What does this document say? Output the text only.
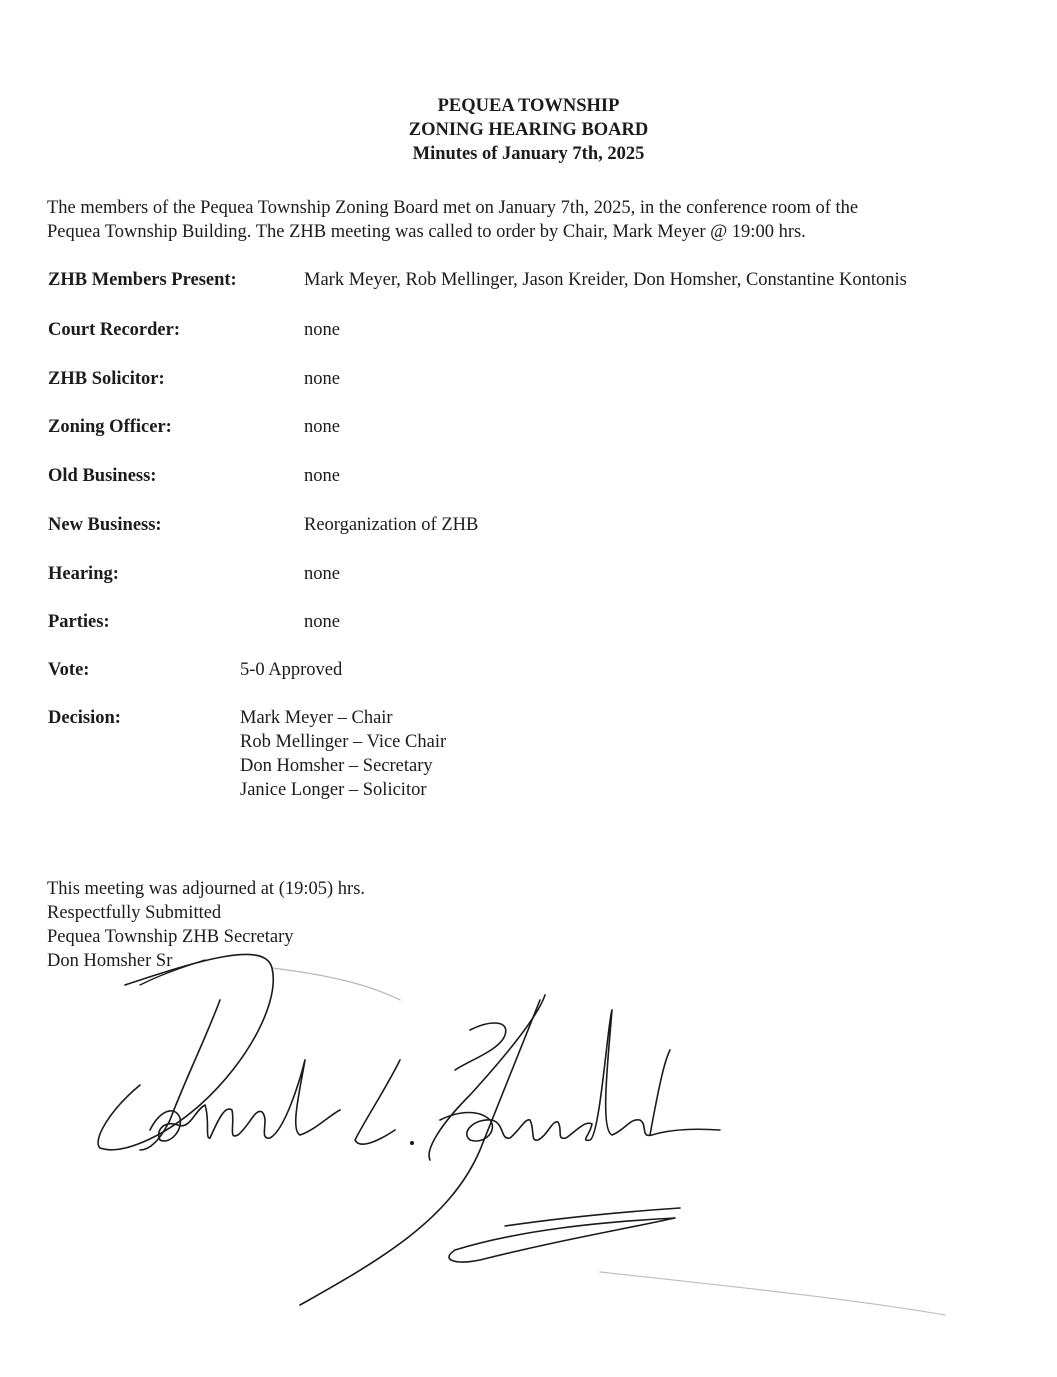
PEQUEA TOWNSHIP
ZONING HEARING BOARD
Minutes of January 7th, 2025
The members of the Pequea Township Zoning Board met on January 7th, 2025, in the conference room of the
Pequea Township Building. The ZHB meeting was called to order by Chair, Mark Meyer @ 19:00 hrs.
ZHB Members Present:	Mark Meyer, Rob Mellinger, Jason Kreider, Don Homsher, Constantine Kontonis
Court Recorder:	none
ZHB Solicitor:	none
Zoning Officer:	none
Old Business:	none
New Business:	Reorganization of ZHB
Hearing:	none
Parties:	none
Vote:	5-0 Approved
Decision:	Mark Meyer – Chair
Rob Mellinger – Vice Chair
Don Homsher – Secretary
Janice Longer – Solicitor
This meeting was adjourned at (19:05) hrs.
Respectfully Submitted
Pequea Township ZHB Secretary
Don Homsher Sr
